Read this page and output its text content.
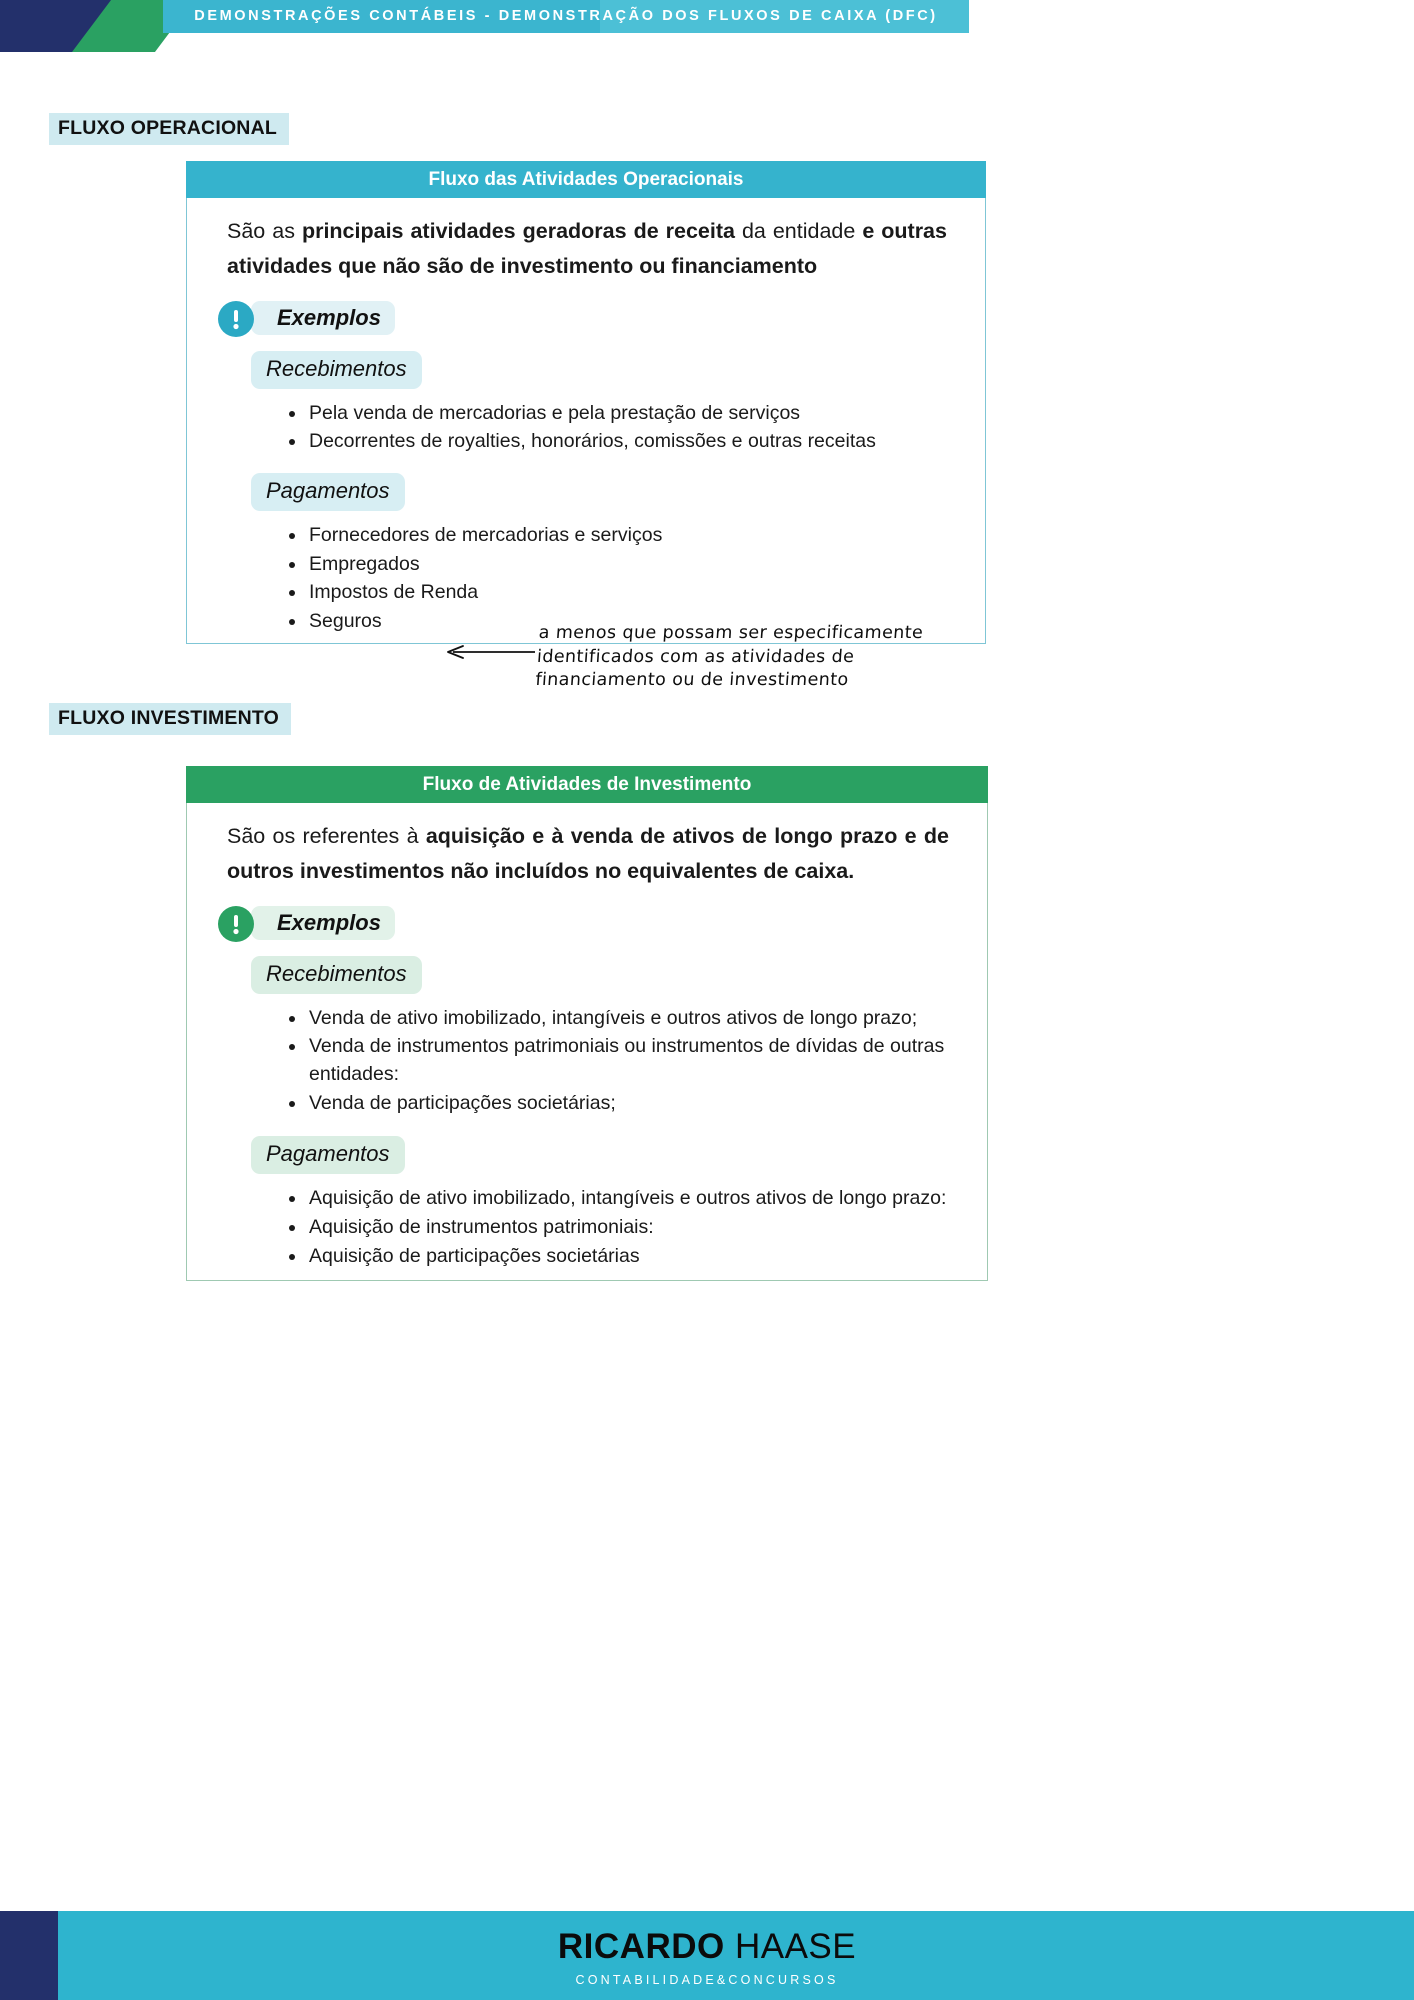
DEMONSTRAÇÕES CONTÁBEIS - DEMONSTRAÇÃO DOS FLUXOS DE CAIXA (DFC)
FLUXO OPERACIONAL
Fluxo das Atividades Operacionais

São as principais atividades geradoras de receita da entidade e outras atividades que não são de investimento ou financiamento

Exemplos
Recebimentos
Pela venda de mercadorias e pela prestação de serviços
Decorrentes de royalties, honorários, comissões e outras receitas
Pagamentos
Fornecedores de mercadorias e serviços
Empregados
Impostos de Renda
Seguros
a menos que possam ser especificamente
identificados com as atividades de
financiamento ou de investimento
FLUXO INVESTIMENTO
Fluxo de Atividades de Investimento

São os referentes à aquisição e à venda de ativos de longo prazo e de outros investimentos não incluídos no equivalentes de caixa.

Exemplos
Recebimentos
Venda de ativo imobilizado, intangíveis e outros ativos de longo prazo;
Venda de instrumentos patrimoniais ou instrumentos de dívidas de outras entidades:
Venda de participações societárias;
Pagamentos
Aquisição de ativo imobilizado, intangíveis e outros ativos de longo prazo:
Aquisição de instrumentos patrimoniais:
Aquisição de participações societárias
RICARDO HAASE
CONTABILIDADE&CONCURSOS
